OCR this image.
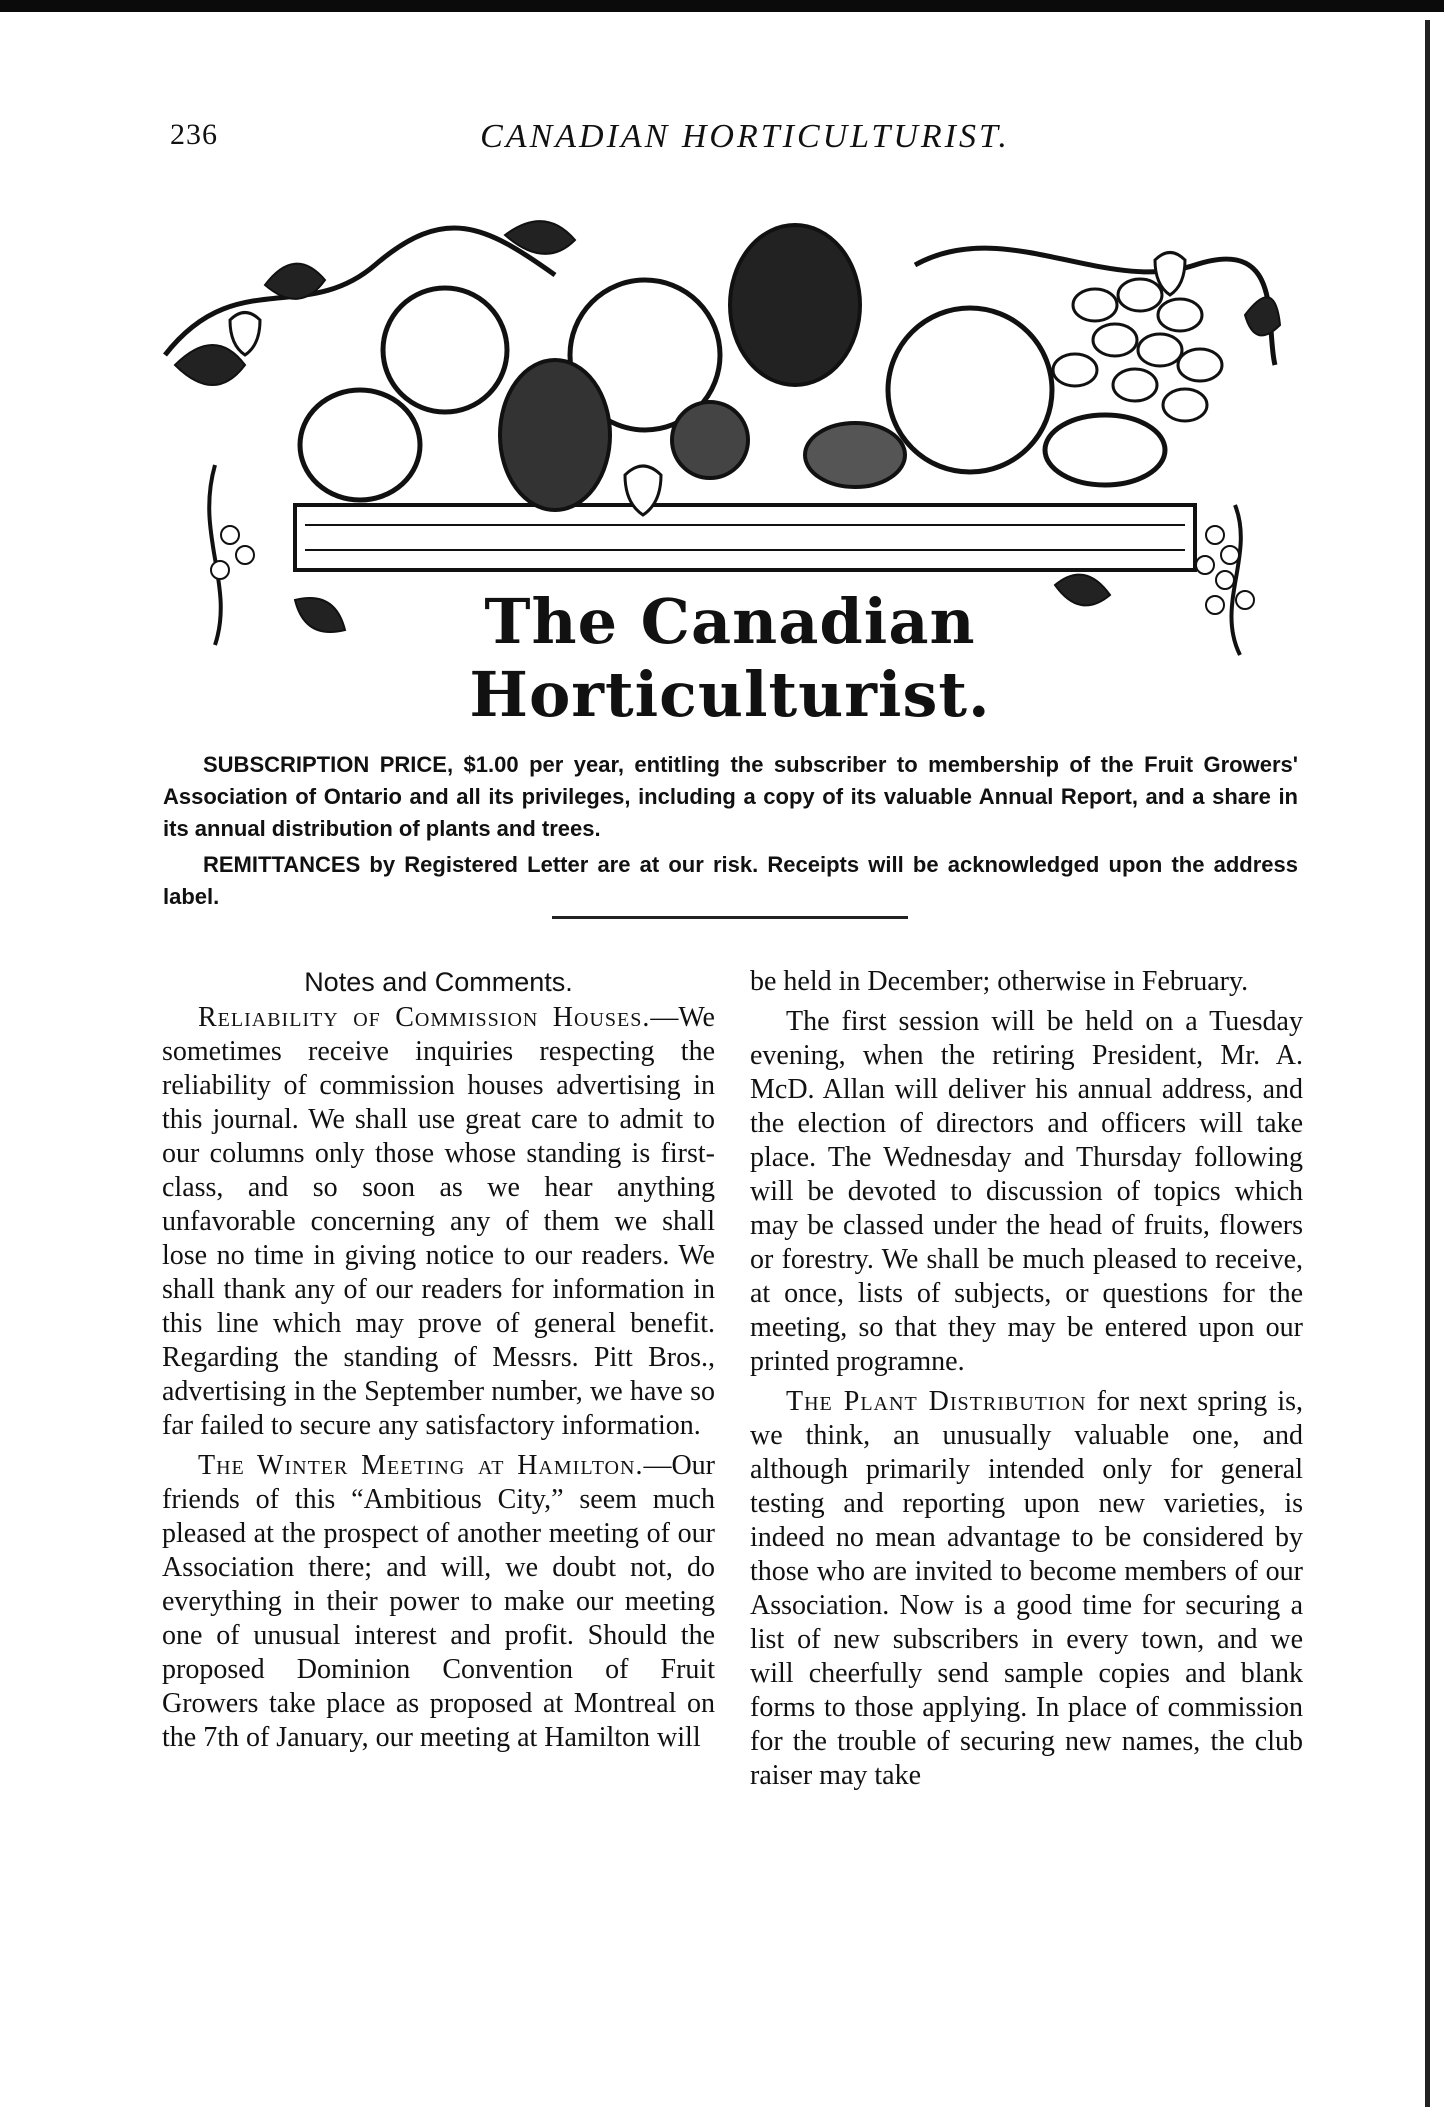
236	CANADIAN HORTICULTURIST.
The Canadian Horticulturist.

SUBSCRIPTION PRICE, $1.00 per year, entitling the subscriber to membership of the Fruit Growers' Association of Ontario and all its privileges, including a copy of its valuable Annual Report, and a share in its annual distribution of plants and trees.

REMITTANCES by Registered Letter are at our risk. Receipts will be acknowledged upon the address label.

Notes and Comments.

Reliability of Commission Houses.—We sometimes receive inquiries respecting the reliability of commission houses advertising in this journal. We shall use great care to admit to our columns only those whose standing is first-class, and so soon as we hear anything unfavorable concerning any of them we shall lose no time in giving notice to our readers. We shall thank any of our readers for information in this line which may prove of general benefit. Regarding the standing of Messrs. Pitt Bros., advertising in the September number, we have so far failed to secure any satisfactory information.

The Winter Meeting at Hamilton.—Our friends of this “Ambitious City,” seem much pleased at the prospect of another meeting of our Association there; and will, we doubt not, do everything in their power to make our meeting one of unusual interest and profit. Should the proposed Dominion Convention of Fruit Growers take place as proposed at Montreal on the 7th of January, our meeting at Hamilton will

be held in December; otherwise in February.

The first session will be held on a Tuesday evening, when the retiring President, Mr. A. McD. Allan will deliver his annual address, and the election of directors and officers will take place. The Wednesday and Thursday following will be devoted to discussion of topics which may be classed under the head of fruits, flowers or forestry. We shall be much pleased to receive, at once, lists of subjects, or questions for the meeting, so that they may be entered upon our printed programne.

The Plant Distribution for next spring is, we think, an unusually valuable one, and although primarily intended only for general testing and reporting upon new varieties, is indeed no mean advantage to be considered by those who are invited to become members of our Association. Now is a good time for securing a list of new subscribers in every town, and we will cheerfully send sample copies and blank forms to those applying. In place of commission for the trouble of securing new names, the club raiser may take
